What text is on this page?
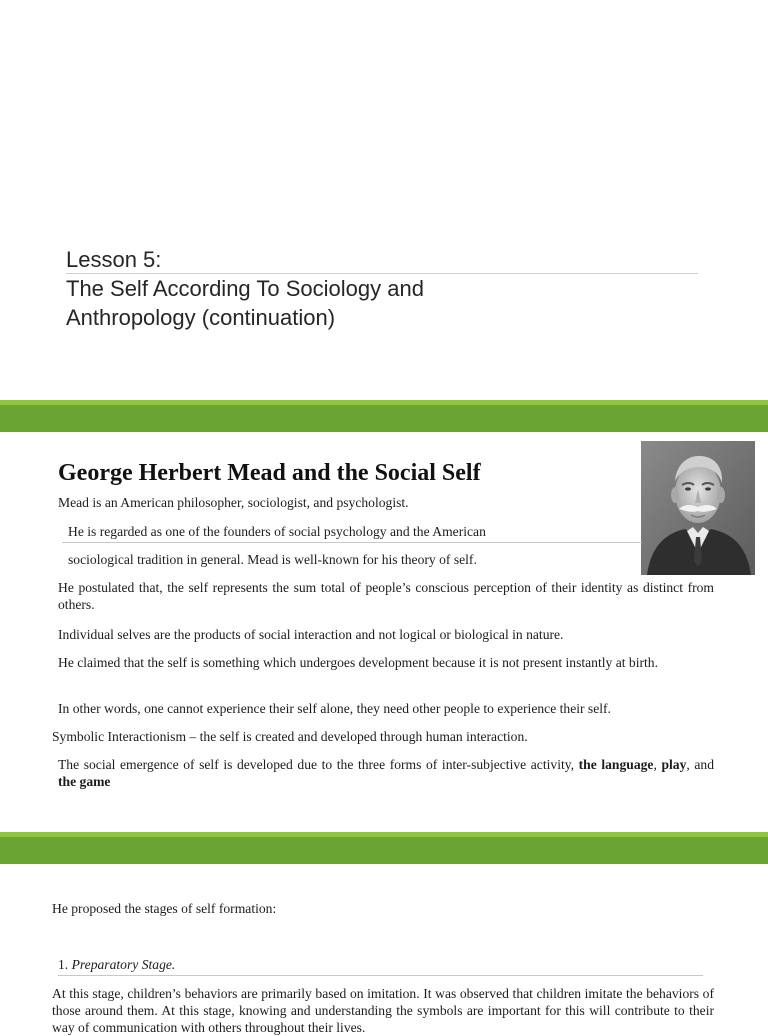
Lesson 5:
The Self According To Sociology and
Anthropology (continuation)
George Herbert Mead and the Social Self
Mead is an American philosopher, sociologist, and psychologist.
He is regarded as one of the founders of social psychology and the American
sociological tradition in general. Mead is well-known for his theory of self.
He postulated that, the self represents the sum total of people’s conscious perception of their identity as distinct from others.
Individual selves are the products of social interaction and not logical or biological in nature.
He claimed that the self is something which undergoes development because it is not present instantly at birth.
In other words, one cannot experience their self alone, they need other people to experience their self.
Symbolic Interactionism – the self is created and developed through human interaction.
The social emergence of self is developed due to the three forms of inter-subjective activity, the language, play, and the game
He proposed the stages of self formation:
1. Preparatory Stage.
At this stage, children’s behaviors are primarily based on imitation. It was observed that children imitate the behaviors of those around them. At this stage, knowing and understanding the symbols are important for this will contribute to their way of communication with others throughout their lives.
